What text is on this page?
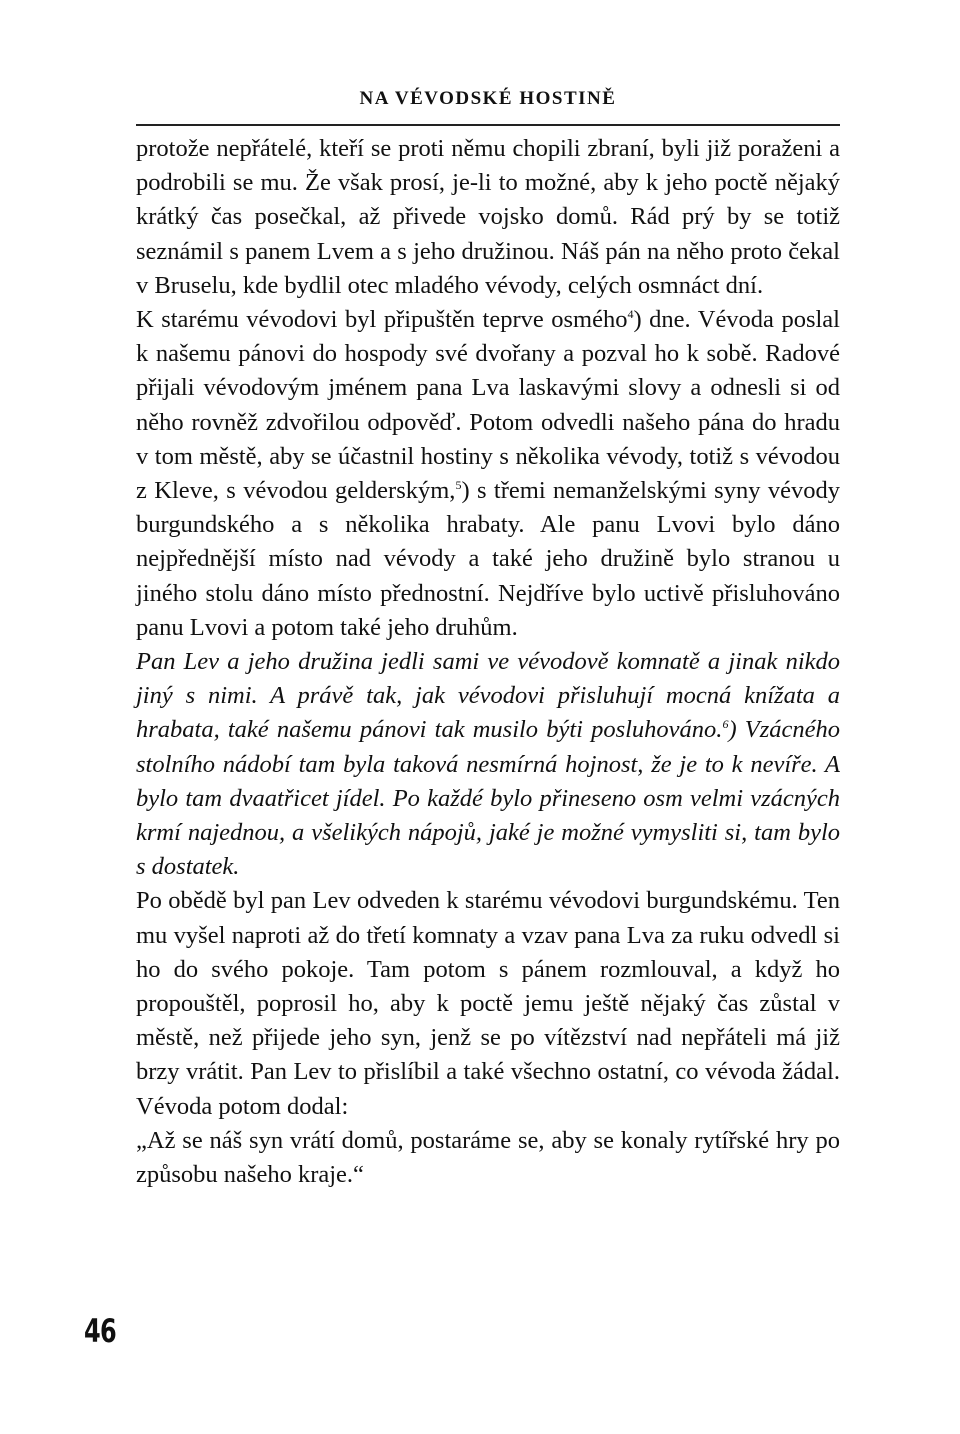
NA VÉVODSKÉ HOSTINĚ

protože nepřátelé, kteří se proti němu chopili zbraní, byli již poraženi a podrobili se mu. Že však prosí, je-li to možné, aby k jeho poctě nějaký krátký čas posečkal, až přivede vojsko domů. Rád prý by se totiž seznámil s panem Lvem a s jeho družinou. Náš pán na něho proto čekal v Bruselu, kde bydlil otec mladého vévody, celých osmnáct dní.

K starému vévodovi byl připuštěn teprve osmého$^4$) dne. Vévoda poslal k našemu pánovi do hospody své dvořany a pozval ho k sobě. Radové přijali vévodovým jménem pana Lva laskavými slovy a odnesli si od něho rovněž zdvořilou odpověď. Potom odvedli našeho pána do hradu v tom městě, aby se účastnil hostiny s několika vévody, totiž s vévodou z Kleve, s vévodou gelderským,$^5$) s třemi nemanželskými syny vévody burgundského a s několika hrabaty. Ale panu Lvovi bylo dáno nejpřednější místo nad vévody a také jeho družině bylo stranou u jiného stolu dáno místo přednostní. Nejdříve bylo uctivě přisluhováno panu Lvovi a potom také jeho druhům.

Pan Lev a jeho družina jedli sami ve vévodově komnatě a jinak nikdo jiný s nimi. A právě tak, jak vévodovi přisluhují mocná knížata a hrabata, také našemu pánovi tak musilo býti posluhováno.$^6$) Vzácného stolního nádobí tam byla taková nesmírná hojnost, že je to k nevíře. A bylo tam dvaatřicet jídel. Po každé bylo přineseno osm velmi vzácných krmí najednou, a všelikých nápojů, jaké je možné vymysliti si, tam bylo s dostatek.

Po obědě byl pan Lev odveden k starému vévodovi burgundskému. Ten mu vyšel naproti až do třetí komnaty a vzav pana Lva za ruku odvedl si ho do svého pokoje. Tam potom s pánem rozmlouval, a když ho propouštěl, poprosil ho, aby k poctě jemu ještě nějaký čas zůstal v městě, než přijede jeho syn, jenž se po vítězství nad nepřáteli má již brzy vrátit. Pan Lev to přislíbil a také všechno ostatní, co vévoda žádal. Vévoda potom dodal:

„Až se náš syn vrátí domů, postaráme se, aby se konaly rytířské hry po způsobu našeho kraje.“

46
